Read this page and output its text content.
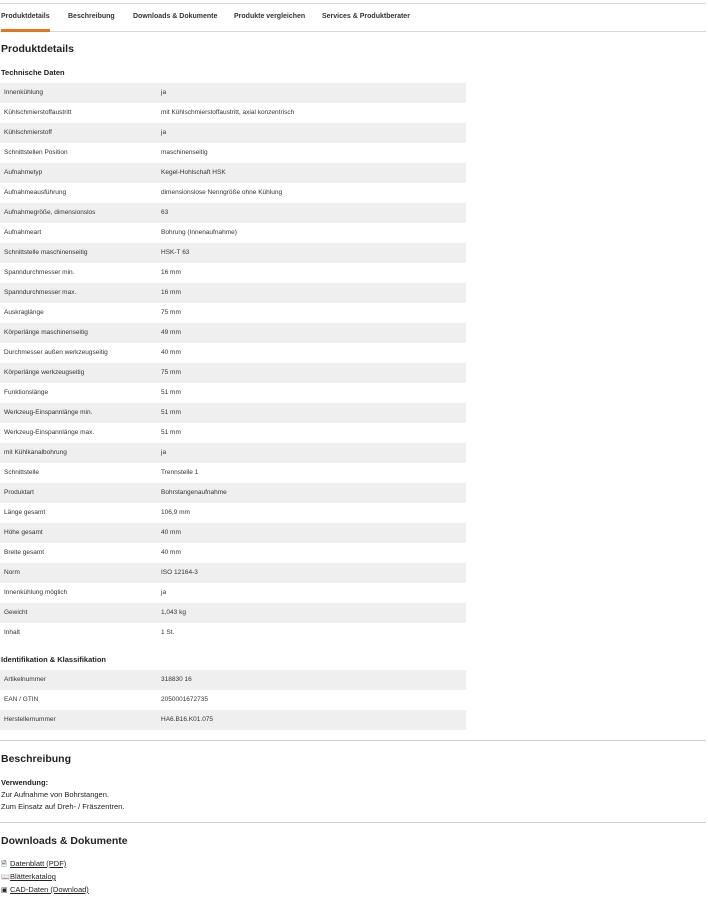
Produktdetails	Beschreibung	Downloads & Dokumente Produkte vergleichen Services & Produktberater
Produktdetails
Technische Daten
Innenkühlung	ja
Kühlschmierstoffaustritt	mit Kühlschmierstoffaustritt, axial konzentrisch
Kühlschmierstoff	ja
Schnittstellen Position	maschinenseitig
Aufnahmetyp	Kegel-Hohlschaft HSK
Aufnahmeausführung	dimensionslose Nenngröße ohne Kühlung
Aufnahmegröße, dimensionslos	63
Aufnahmeart	Bohrung (Innenaufnahme)
Schnittstelle maschinenseitig	HSK-T 63
Spanndurchmesser min.	16 mm
Spanndurchmesser max.	16 mm
Auskraglänge	75 mm
Körperlänge maschinenseitig	49 mm
Durchmesser außen werkzeugseitig	40 mm
Körperlänge werkzeugseitig	75 mm
Funktionslänge	51 mm
Werkzeug-Einspannlänge min.	51 mm
Werkzeug-Einspannlänge max.	51 mm
mit Kühlkanalbohrung	ja
Schnittstelle	Trennstelle 1
Produktart	Bohrstangenaufnahme
Länge gesamt	106,9 mm
Höhe gesamt	40 mm
Breite gesamt	40 mm
Norm	ISO 12164-3
Innenkühlung möglich	ja
Gewicht	1,043 kg
Inhalt	1 St.
Identifikation & Klassifikation
Artikelnummer	318830 16
EAN / GTIN	2050001672735
Herstellernummer	HA6.B16.K01.075
Beschreibung
Verwendung:
Zur Aufnahme von Bohrstangen.
Zum Einsatz auf Dreh- / Fräszentren.
Downloads & Dokumente
🗎 Datenblatt (PDF)
📖Blätterkatalog
▣ CAD-Daten (Download)
